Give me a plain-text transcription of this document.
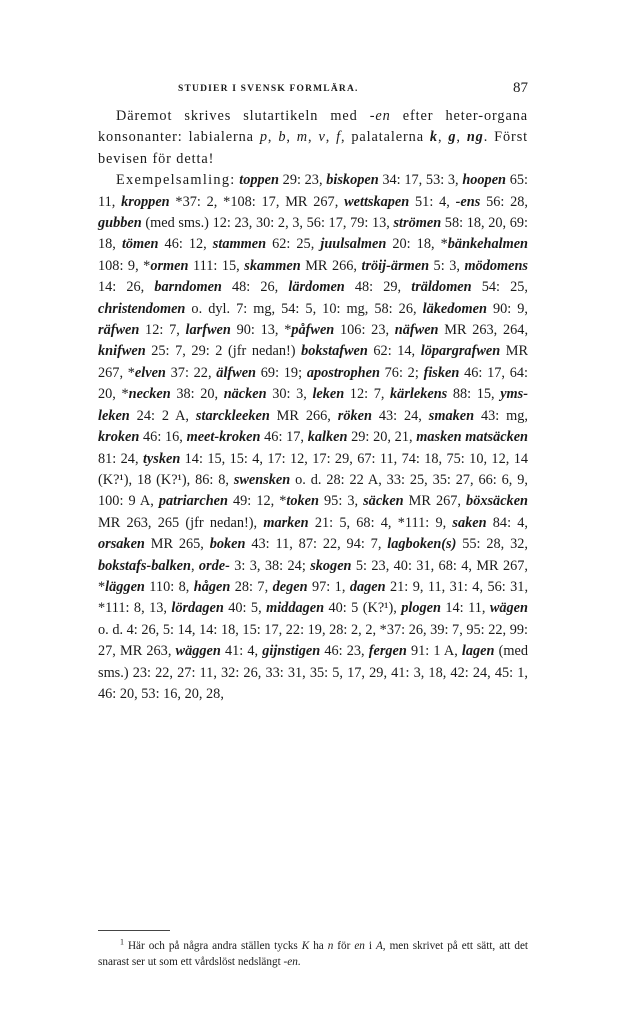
STUDIER I SVENSK FORMLÄRA.	87

Däremot skrives slutartikeln med -en efter heter-organa konsonanter: labialerna p, b, m, v, f, palatalerna k, g, ng. Först bevisen för detta!

Exempelsamling: toppen 29: 23, biskopen 34: 17, 53: 3, hoopen 65: 11, kroppen *37: 2, *108: 17, MR 267, wettskapen 51: 4, -ens 56: 28, gubben (med sms.) 12: 23, 30: 2, 3, 56: 17, 79: 13, strömen 58: 18, 20, 69: 18, tömen 46: 12, stammen 62: 25, juulsalmen 20: 18, *bänkehalmen 108: 9, *ormen 111: 15, skammen MR 266, tröij-ärmen 5: 3, mödomens 14: 26, barndomen 48: 26, lärdomen 48: 29, träldomen 54: 25, christendomen o. dyl. 7: mg, 54: 5, 10: mg, 58: 26, läkedomen 90: 9, räfwen 12: 7, larfwen 90: 13, *påfwen 106: 23, näfwen MR 263, 264, knifwen 25: 7, 29: 2 (jfr nedan!) bokstafwen 62: 14, löpargrafwen MR 267, *elven 37: 22, älfwen 69: 19; apostrophen 76: 2; fisken 46: 17, 64: 20, *necken 38: 20, näcken 30: 3, leken 12: 7, kärlekens 88: 15, yms-leken 24: 2 A, starckleeken MR 266, röken 43: 24, smaken 43: mg, kroken 46: 16, meet-kroken 46: 17, kalken 29: 20, 21, masken matsäcken 81: 24, tysken 14: 15, 15: 4, 17: 12, 17: 29, 67: 11, 74: 18, 75: 10, 12, 14 (K?¹), 18 (K?¹), 86: 8, swensken o. d. 28: 22 A, 33: 25, 35: 27, 66: 6, 9, 100: 9 A, patriarchen 49: 12, *token 95: 3, säcken MR 267, böxsäcken MR 263, 265 (jfr nedan!), marken 21: 5, 68: 4, *111: 9, saken 84: 4, orsaken MR 265, boken 43: 11, 87: 22, 94: 7, lagboken(s) 55: 28, 32, bokstafs-balken, orde- 3: 3, 38: 24; skogen 5: 23, 40: 31, 68: 4, MR 267, *läggen 110: 8, hågen 28: 7, degen 97: 1, dagen 21: 9, 11, 31: 4, 56: 31, *111: 8, 13, lördagen 40: 5, middagen 40: 5 (K?¹), plogen 14: 11, wägen o. d. 4: 26, 5: 14, 14: 18, 15: 17, 22: 19, 28: 2, 2, *37: 26, 39: 7, 95: 22, 99: 27, MR 263, wäggen 41: 4, gijnstigen 46: 23, fergen 91: 1 A, lagen (med sms.) 23: 22, 27: 11, 32: 26, 33: 31, 35: 5, 17, 29, 41: 3, 18, 42: 24, 45: 1, 46: 20, 53: 16, 20, 28,

$^1$ Här och på några andra ställen tycks K ha n för en i A, men skrivet på ett sätt, att det snarast ser ut som ett vårdslöst nedslängt -en.
